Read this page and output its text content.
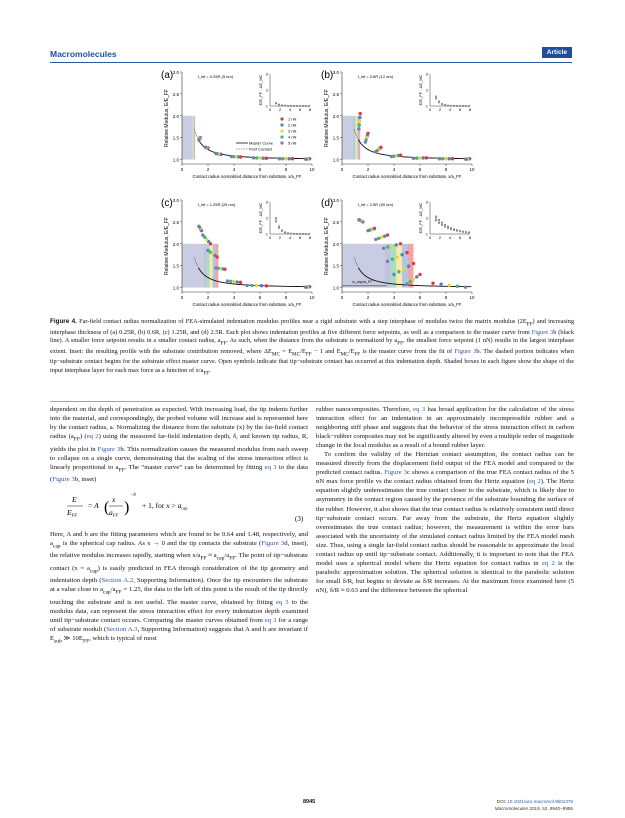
Macromolecules	Article
(a)
1.0
1.5
2.0
2.5
3.0
0	2	4	6	8	10
Contact radius normalized distance from substrate, x/a_FF
Relative Modulus, E/E_FF
t_int = 0.25R (5 nm)
1
2
3
0 2 4 6 8
E/E_FF - ΔE_MC
1 nN
2 nN
3 nN
4 nN
5 nN
Master Curve
Post Contact
(b)
1.0
1.5
2.0
2.5
3.0
0	2	4	6	8	10
Contact radius normalized distance from substrate, x/a_FF
Relative Modulus, E/E_FF
t_int = 0.6R (12 nm)
1
2
3
0 2 4 6 8
E/E_FF - ΔE_MC
(c)
1.0
1.5
2.0
2.5
3.0
0	2	4	6	8	10
Contact radius normalized distance from substrate, x/a_FF
Relative Modulus, E/E_FF
t_int = 1.25R (25 nm)
1
2
3
0 2 4 6 8
E/E_FF - ΔE_MC	(d)
1.0
1.5
2.0
2.5
3.0
0	2	4	6	8	10
Contact radius normalized distance from substrate, x/a_FF
Relative Modulus, E/E_FF
t_int = 2.5R (50 nm)
1
2
3
0 2 4 6 8
E/E_FF - ΔE_MC
a_cap/a_FF
Figure 4. Far-field contact radius normalization of FEA-simulated indentation modulus profiles near a rigid substrate with a step interphase of modulus twice the matrix modulus $(2E_{FF})$ and increasing interphase thickness of (a) 0.25R, (b) 0.6R, (c) 1.25R, and (d) 2.5R. Each plot shows indentation profiles at five different force setpoints, as well as a comparison to the master curve from Figure 3b (black line). A smaller force setpoint results in a smaller contact radius, $a_{FF}$. As such, when the distance from the substrate is normalized by $a_{FF}$, the smallest force setpoint (1 nN) results in the largest interphase extent. Inset: the resulting profile with the substrate contribution removed, where $\Delta E_{MC} = E_{MC}/E_{FF} - 1$ and $E_{MC}/E_{FF}$ is the master curve from the fit of Figure 3b. The dashed portion indicates when tip−substrate contact begins for the substrate effect master curve. Open symbols indicate that tip−substrate contact has occurred at this indentation depth. Shaded boxes in each figure show the shape of the input interphase layer for each max force as a function of $x/a_{FF}$.

dependent on the depth of penetration as expected. With increasing load, the tip indents further into the material, and correspondingly, the probed volume will increase and is represented here by the contact radius, a. Normalizing the distance from the substrate (x) by the far-field contact radius $(a_{FF})$ (eq 2) using the measured far-field indentation depth, δ, and known tip radius, R, yields the plot in Figure 3b. This normalization causes the measured modulus from each sweep to collapse on a single curve, demonstrating that the scaling of the stress interaction effect is linearly proportional to $a_{FF}$. The “master curve” can be determined by fitting eq 3 to the data (Figure 3b, inset)

E
$E_{FF}$
= A ( x
$a_{FF}$ )
−b
+ 1, for $x > a_{cap}$
(3)

Here, A and b are the fitting parameters which are found to be 0.64 and 1.48, respectively, and $a_{cap}$ is the spherical cap radius. As x → 0 and the tip contacts the substrate (Figure 3d, inset), the relative modulus increases rapidly, starting when $x/a_{FF} \approx a_{cap}/a_{FF}$. The point of tip−substrate contact $(x = a_{cap})$ is easily predicted in FEA through consideration of the tip geometry and indentation depth (Section A.2, Supporting Information). Once the tip encounters the substrate at a value close to $a_{cap}/a_{FF} = 1.25$, the data to the left of this point is the result of the tip directly touching the substrate and is not useful. The master curve, obtained by fitting eq 3 to the modulus data, can represent the stress interaction effect for every indentation depth examined until tip−substrate contact occurs. Comparing the master curves obtained from eq 3 for a range of substrate moduli (Section A.3, Supporting Information) suggests that A and b are invariant if $E_{sub}$ ≫ $10E_{FF}$, which is typical of most

rubber nanocomposites. Therefore, eq 3 has broad application for the calculation of the stress interaction effect for an indentation in an approximately incompressible rubber and a neighboring stiff phase and suggests that the behavior of the stress interaction effect in carbon black−rubber composites may not be significantly altered by even a multiple order of magnitude change in the local modulus as a result of a bound rubber layer.

To confirm the validity of the Hertzian contact assumption, the contact radius can be measured directly from the displacement field output of the FEA model and compared to the predicted contact radius. Figure 3c shows a comparison of the true FEA contact radius of the 5 nN max force profile vs the contact radius obtained from the Hertz equation (eq 2). The Hertz equation slightly underestimates the true contact closer to the substrate, which is likely due to asymmetry in the contact region caused by the presence of the substrate bounding the surface of the rubber. However, it also shows that the true contact radius is relatively consistent until direct tip−substrate contact occurs. Far away from the substrate, the Hertz equation slightly overestimates the true contact radius; however, the measurement is within the error bars associated with the uncertainty of the simulated contact radius limited by the FEA model mesh size. Thus, using a single far-field contact radius should be reasonable to approximate the local contact radius up until tip−substrate contact. Additionally, it is important to note that the FEA model uses a spherical model where the Hertz equation for contact radius in eq 2 is the parabolic approximation solution. The spherical solution is identical to the parabolic solution for small δ/R, but begins to deviate as δ/R increases. At the maximum force examined here (5 nN), δ/R ≈ 0.63 and the difference between the spherical

8945	DOI: 10.1021/acs.macromol.9b01378
Macromolecules 2019, 52, 8940−8955
